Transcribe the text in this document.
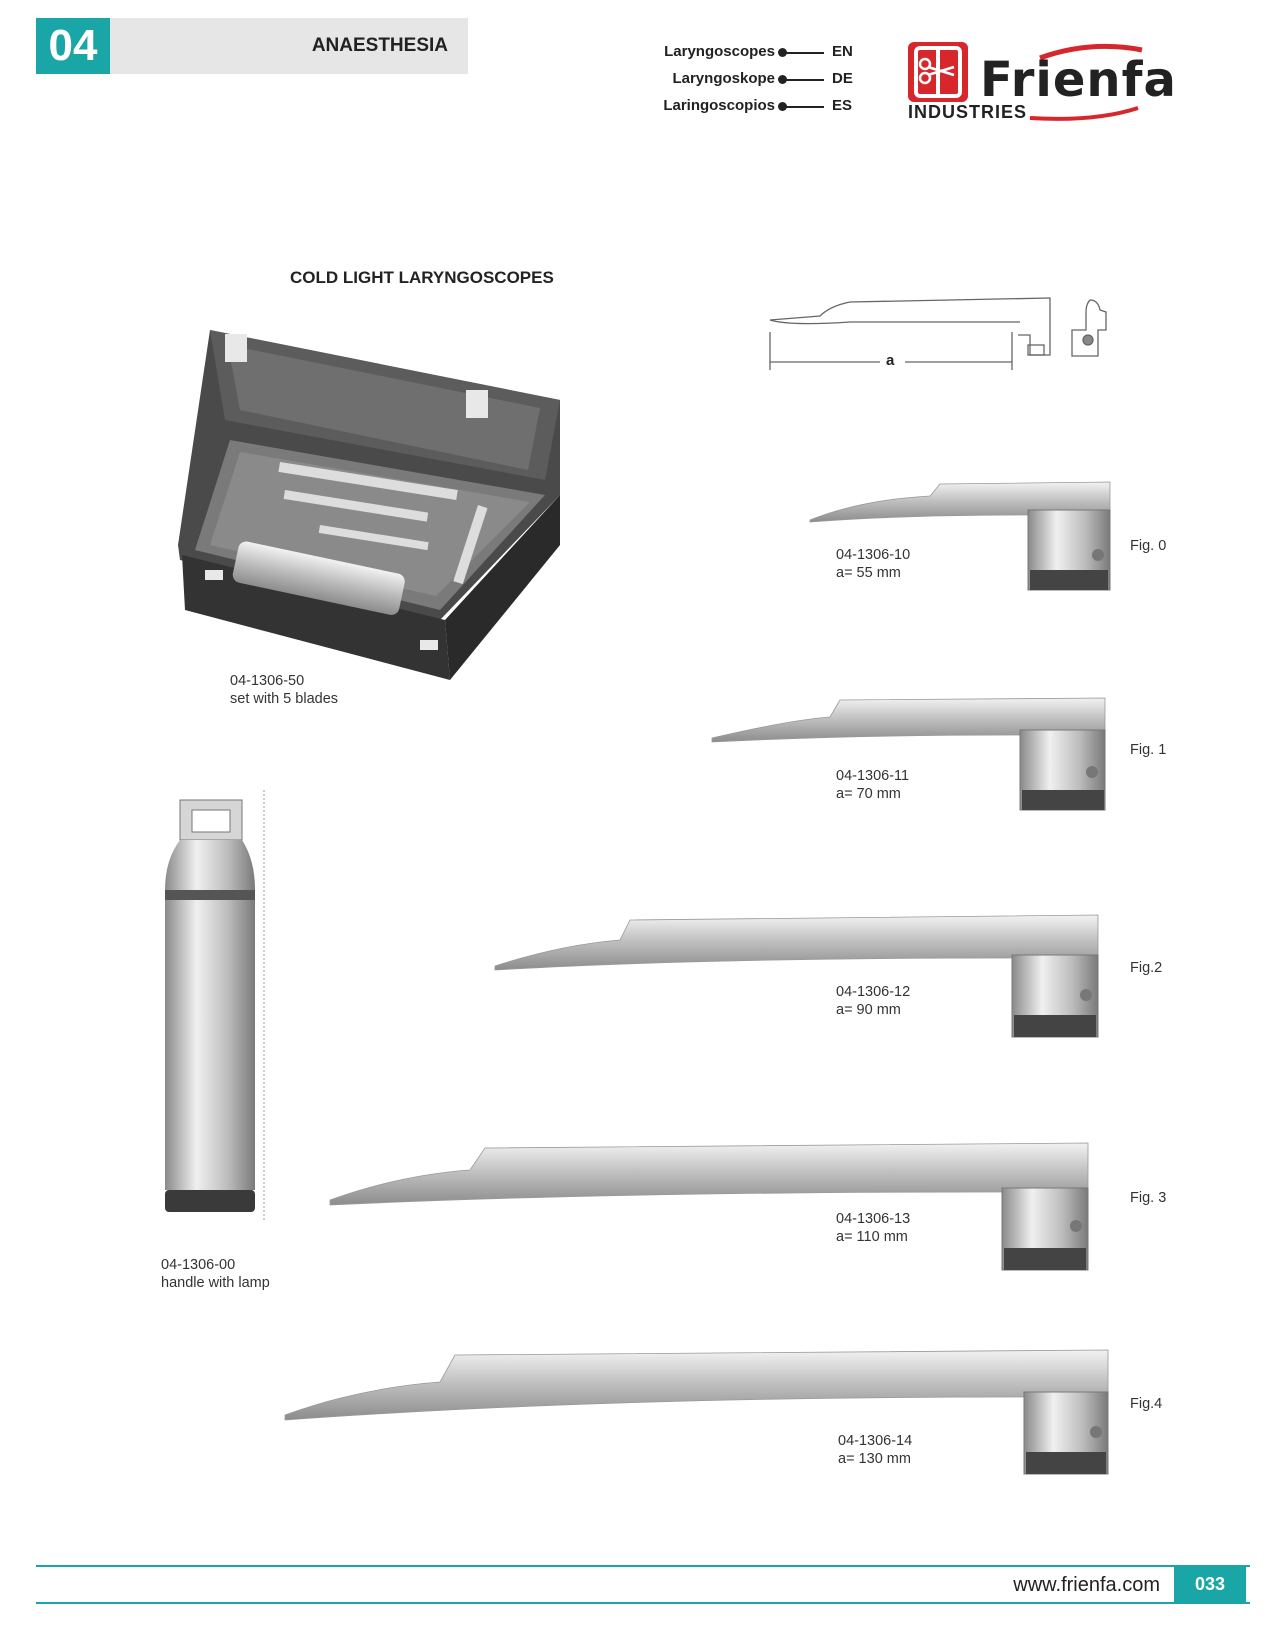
04	ANAESTHESIA	Laryngoscopes	EN
Laryngoskope	DE
Laringoscopios	ES	Frienfa
INDUSTRIES
COLD LIGHT LARYNGOSCOPES
a
04-1306-50
set with 5 blades
04-1306-00
handle with lamp
04-1306-10
a= 55 mm
Fig. 0
04-1306-11
a= 70 mm
Fig. 1
04-1306-12
a= 90 mm
Fig.2
04-1306-13
a= 110 mm
Fig. 3
04-1306-14
a= 130 mm
Fig.4
www.frienfa.com	033
